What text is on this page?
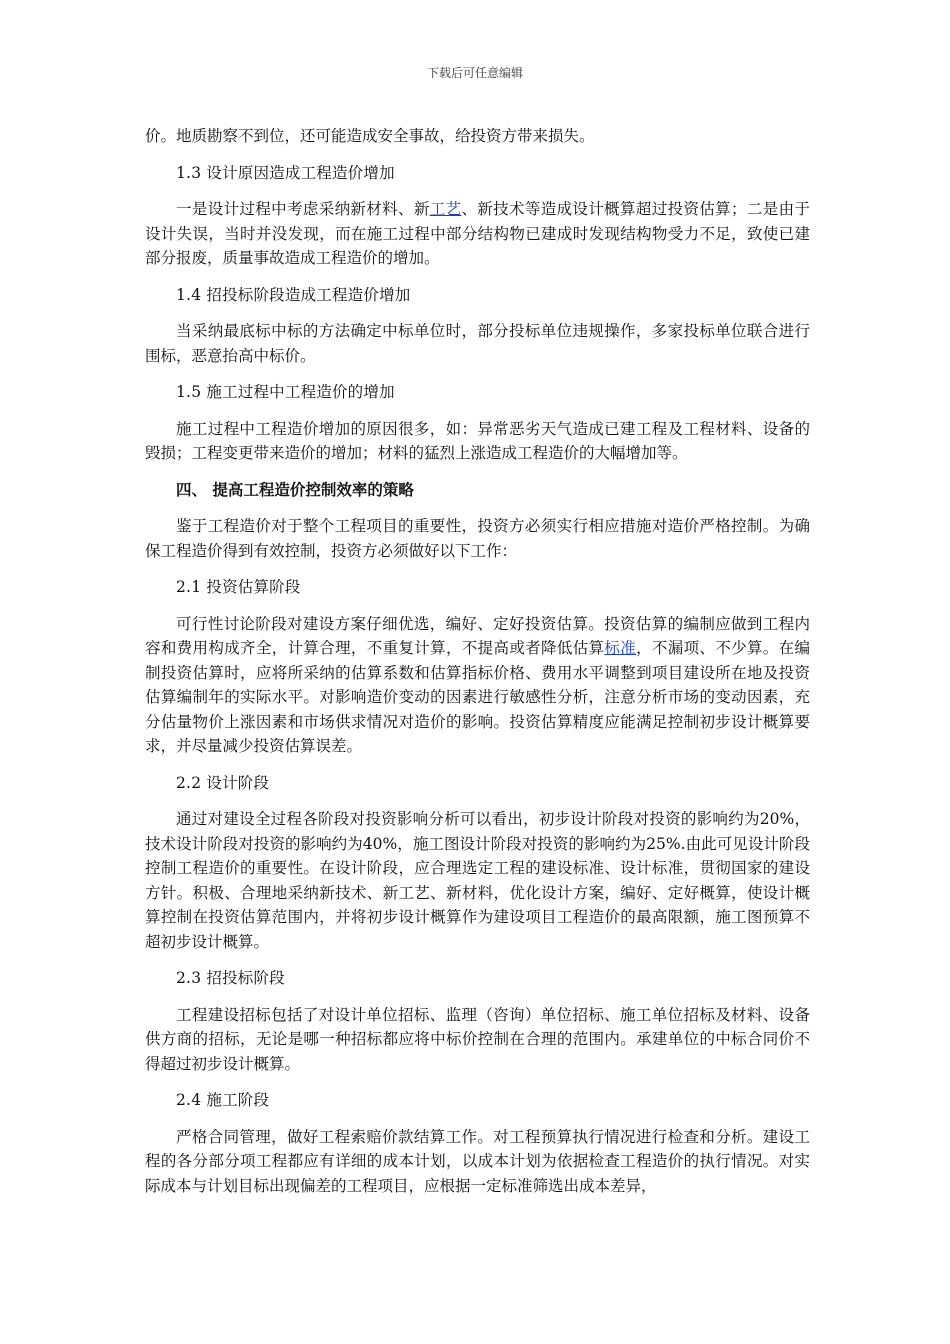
下载后可任意编辑

价。地质勘察不到位，还可能造成安全事故，给投资方带来损失。

1.3 设计原因造成工程造价增加

一是设计过程中考虑采纳新材料、新工艺、新技术等造成设计概算超过投资估算；二是由于设计失误，当时并没发现，而在施工过程中部分结构物已建成时发现结构物受力不足，致使已建部分报废，质量事故造成工程造价的增加。

1.4 招投标阶段造成工程造价增加

当采纳最底标中标的方法确定中标单位时，部分投标单位违规操作，多家投标单位联合进行围标，恶意抬高中标价。

1.5 施工过程中工程造价的增加

施工过程中工程造价增加的原因很多，如：异常恶劣天气造成已建工程及工程材料、设备的毁损；工程变更带来造价的增加；材料的猛烈上涨造成工程造价的大幅增加等。

四、 提高工程造价控制效率的策略

鉴于工程造价对于整个工程项目的重要性，投资方必须实行相应措施对造价严格控制。为确保工程造价得到有效控制，投资方必须做好以下工作：

2.1 投资估算阶段

可行性讨论阶段对建设方案仔细优选，编好、定好投资估算。投资估算的编制应做到工程内容和费用构成齐全，计算合理，不重复计算，不提高或者降低估算标准，不漏项、不少算。在编制投资估算时，应将所采纳的估算系数和估算指标价格、费用水平调整到项目建设所在地及投资估算编制年的实际水平。对影响造价变动的因素进行敏感性分析，注意分析市场的变动因素，充分估量物价上涨因素和市场供求情况对造价的影响。投资估算精度应能满足控制初步设计概算要求，并尽量减少投资估算误差。

2.2 设计阶段

通过对建设全过程各阶段对投资影响分析可以看出，初步设计阶段对投资的影响约为20%，技术设计阶段对投资的影响约为40%，施工图设计阶段对投资的影响约为25%.由此可见设计阶段控制工程造价的重要性。在设计阶段，应合理选定工程的建设标准、设计标准，贯彻国家的建设方针。积极、合理地采纳新技术、新工艺、新材料，优化设计方案，编好、定好概算，使设计概算控制在投资估算范围内，并将初步设计概算作为建设项目工程造价的最高限额，施工图预算不超初步设计概算。

2.3 招投标阶段

工程建设招标包括了对设计单位招标、监理（咨询）单位招标、施工单位招标及材料、设备供方商的招标，无论是哪一种招标都应将中标价控制在合理的范围内。承建单位的中标合同价不得超过初步设计概算。

2.4 施工阶段

严格合同管理，做好工程索赔价款结算工作。对工程预算执行情况进行检查和分析。建设工程的各分部分项工程都应有详细的成本计划，以成本计划为依据检查工程造价的执行情况。对实际成本与计划目标出现偏差的工程项目，应根据一定标准筛选出成本差异，
